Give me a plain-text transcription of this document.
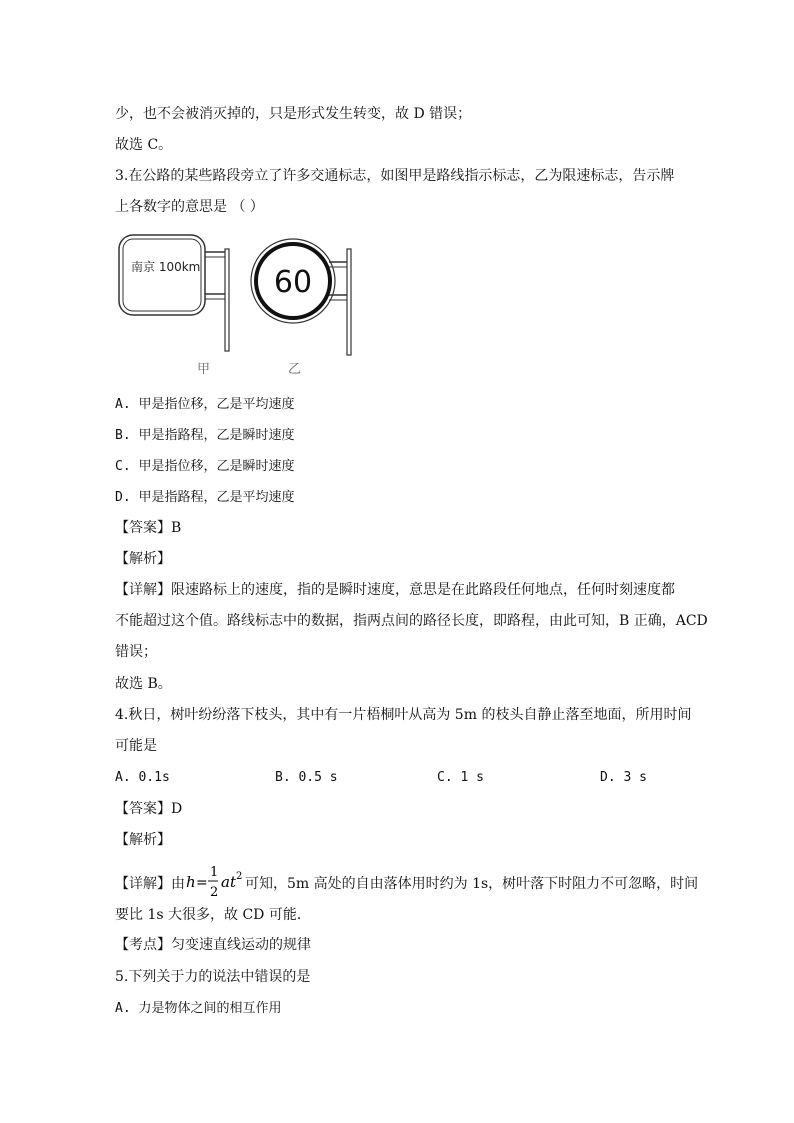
少，也不会被消灭掉的，只是形式发生转变，故 D 错误；
故选 C。
3.在公路的某些路段旁立了许多交通标志，如图甲是路线指示标志，乙为限速标志，告示牌
上各数字的意思是 （ ）
南京 100km
甲
60
乙
A. 甲是指位移，乙是平均速度
B. 甲是指路程，乙是瞬时速度
C. 甲是指位移，乙是瞬时速度
D. 甲是指路程，乙是平均速度
【答案】B
【解析】
【详解】限速路标上的速度，指的是瞬时速度，意思是在此路段任何地点，任何时刻速度都
不能超过这个值。路线标志中的数据，指两点间的路径长度，即路程，由此可知，B 正确，ACD
错误；
故选 B。
4.秋日，树叶纷纷落下枝头，其中有一片梧桐叶从高为 5m 的枝头自静止落至地面，所用时间
可能是
A. 0.1s	B. 0.5 s	C. 1 s	D. 3 s
【答案】D
【解析】
【详解】由 h =
1
2
at 2 可知，5m 高处的自由落体用时约为 1s，树叶落下时阻力不可忽略，时间
要比 1s 大很多，故 CD 可能．
【考点】匀变速直线运动的规律
5.下列关于力的说法中错误的是
A. 力是物体之间的相互作用
